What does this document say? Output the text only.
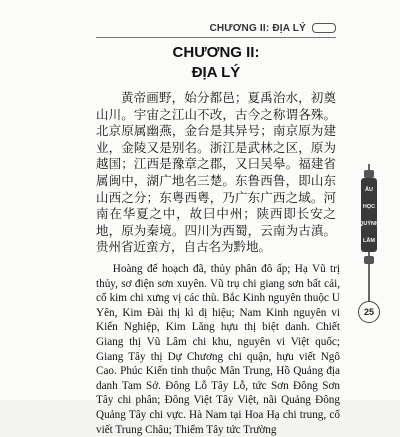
CHƯƠNG II: ĐỊA LÝ
CHƯƠNG II:
ĐỊA LÝ

黄帝画野，始分都邑；夏禹治水，初奠山川。宇宙之江山不改，古今之称谓各殊。北京原属幽燕，金台是其异号；南京原为建业，金陵又是别名。浙江是武林之区，原为越国；江西是豫章之郡，又曰吴皋。福建省属闽中，湖广地名三楚。东鲁西鲁，即山东山西之分；东粤西粤，乃广东广西之域。河南在华夏之中，故曰中州；陕西即长安之地，原为秦境。四川为西蜀，云南为古滇。贵州省近蛮方，自古名为黔地。

Hoàng đế hoạch đã, thủy phân đô ấp; Hạ Vũ trị thủy, sơ điện sơn xuyên. Vũ trụ chi giang sơn bất cải, cổ kim chi xưng vị các thù. Bắc Kinh nguyên thuộc U Yên, Kim Đài thị kì dị hiệu; Nam Kinh nguyên vi Kiến Nghiệp, Kim Lăng hựu thị biệt danh. Chiết Giang thị Vũ Lâm chi khu, nguyên vi Việt quốc; Giang Tây thị Dự Chương chi quận, hựu viết Ngô Cao. Phúc Kiến tỉnh thuộc Mân Trung, Hồ Quảng địa danh Tam Sở. Đông Lỗ Tây Lỗ, tức Sơn Đông Sơn Tây chi phân; Đông Việt Tây Việt, nãi Quảng Đông Quảng Tây chi vực. Hà Nam tại Hoa Hạ chi trung, cố viết Trung Châu; Thiểm Tây tức Trường

ẤU
HỌC
QUỲNH
LÂM
25
